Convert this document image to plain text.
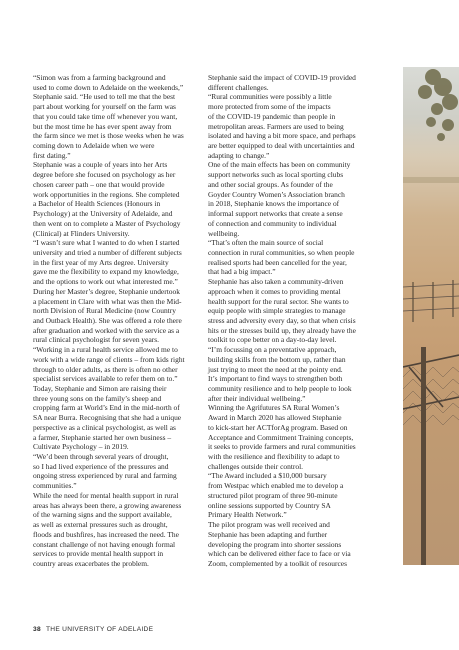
“Simon was from a farming background and

used to come down to Adelaide on the weekends,”

Stephanie said. “He used to tell me that the best

part about working for yourself on the farm was

that you could take time off whenever you want,

but the most time he has ever spent away from

the farm since we met is those weeks when he was

coming down to Adelaide when we were

first dating.”

Stephanie was a couple of years into her Arts

degree before she focused on psychology as her

chosen career path – one that would provide

work opportunities in the regions. She completed

a Bachelor of Health Sciences (Honours in

Psychology) at the University of Adelaide, and

then went on to complete a Master of Psychology

(Clinical) at Flinders University.

“I wasn’t sure what I wanted to do when I started

university and tried a number of different subjects

in the first year of my Arts degree. University

gave me the flexibility to expand my knowledge,

and the options to work out what interested me.”

During her Master’s degree, Stephanie undertook

a placement in Clare with what was then the Mid-

north Division of Rural Medicine (now Country

and Outback Health). She was offered a role there

after graduation and worked with the service as a

rural clinical psychologist for seven years.

“Working in a rural health service allowed me to

work with a wide range of clients – from kids right

through to older adults, as there is often no other

specialist services available to refer them on to.”

Today, Stephanie and Simon are raising their

three young sons on the family’s sheep and

cropping farm at World’s End in the mid-north of

SA near Burra. Recognising that she had a unique

perspective as a clinical psychologist, as well as

a farmer, Stephanie started her own business –

Cultivate Psychology – in 2019.

“We’d been through several years of drought,

so I had lived experience of the pressures and

ongoing stress experienced by rural and farming

communities.”

While the need for mental health support in rural

areas has always been there, a growing awareness

of the warning signs and the support available,

as well as external pressures such as drought,

floods and bushfires, has increased the need. The

constant challenge of not having enough formal

services to provide mental health support in

country areas exacerbates the problem.

Stephanie said the impact of COVID-19 provided

different challenges.

“Rural communities were possibly a little

more protected from some of the impacts

of the COVID-19 pandemic than people in

metropolitan areas. Farmers are used to being

isolated and having a bit more space, and perhaps

are better equipped to deal with uncertainties and

adapting to change.”

One of the main effects has been on community

support networks such as local sporting clubs

and other social groups. As founder of the

Goyder Country Women’s Association branch

in 2018, Stephanie knows the importance of

informal support networks that create a sense

of connection and community to individual

wellbeing.

“That’s often the main source of social

connection in rural communities, so when people

realised sports had been cancelled for the year,

that had a big impact.”

Stephanie has also taken a community-driven

approach when it comes to providing mental

health support for the rural sector. She wants to

equip people with simple strategies to manage

stress and adversity every day, so that when crisis

hits or the stresses build up, they already have the

toolkit to cope better on a day-to-day level.

“I’m focussing on a preventative approach,

building skills from the bottom up, rather than

just trying to meet the need at the pointy end.

It’s important to find ways to strengthen both

community resilience and to help people to look

after their individual wellbeing.”

Winning the Agrifutures SA Rural Women’s

Award in March 2020 has allowed Stephanie

to kick-start her ACTforAg program. Based on

Acceptance and Commitment Training concepts,

it seeks to provide farmers and rural communities

with the resilience and flexibility to adapt to

challenges outside their control.

“The Award included a $10,000 bursary

from Westpac which enabled me to develop a

structured pilot program of three 90-minute

online sessions supported by Country SA

Primary Health Network.”

The pilot program was well received and

Stephanie has been adapting and further

developing the program into shorter sessions

which can be delivered either face to face or via

Zoom, complemented by a toolkit of resources

38 THE UNIVERSITY OF ADELAIDE
